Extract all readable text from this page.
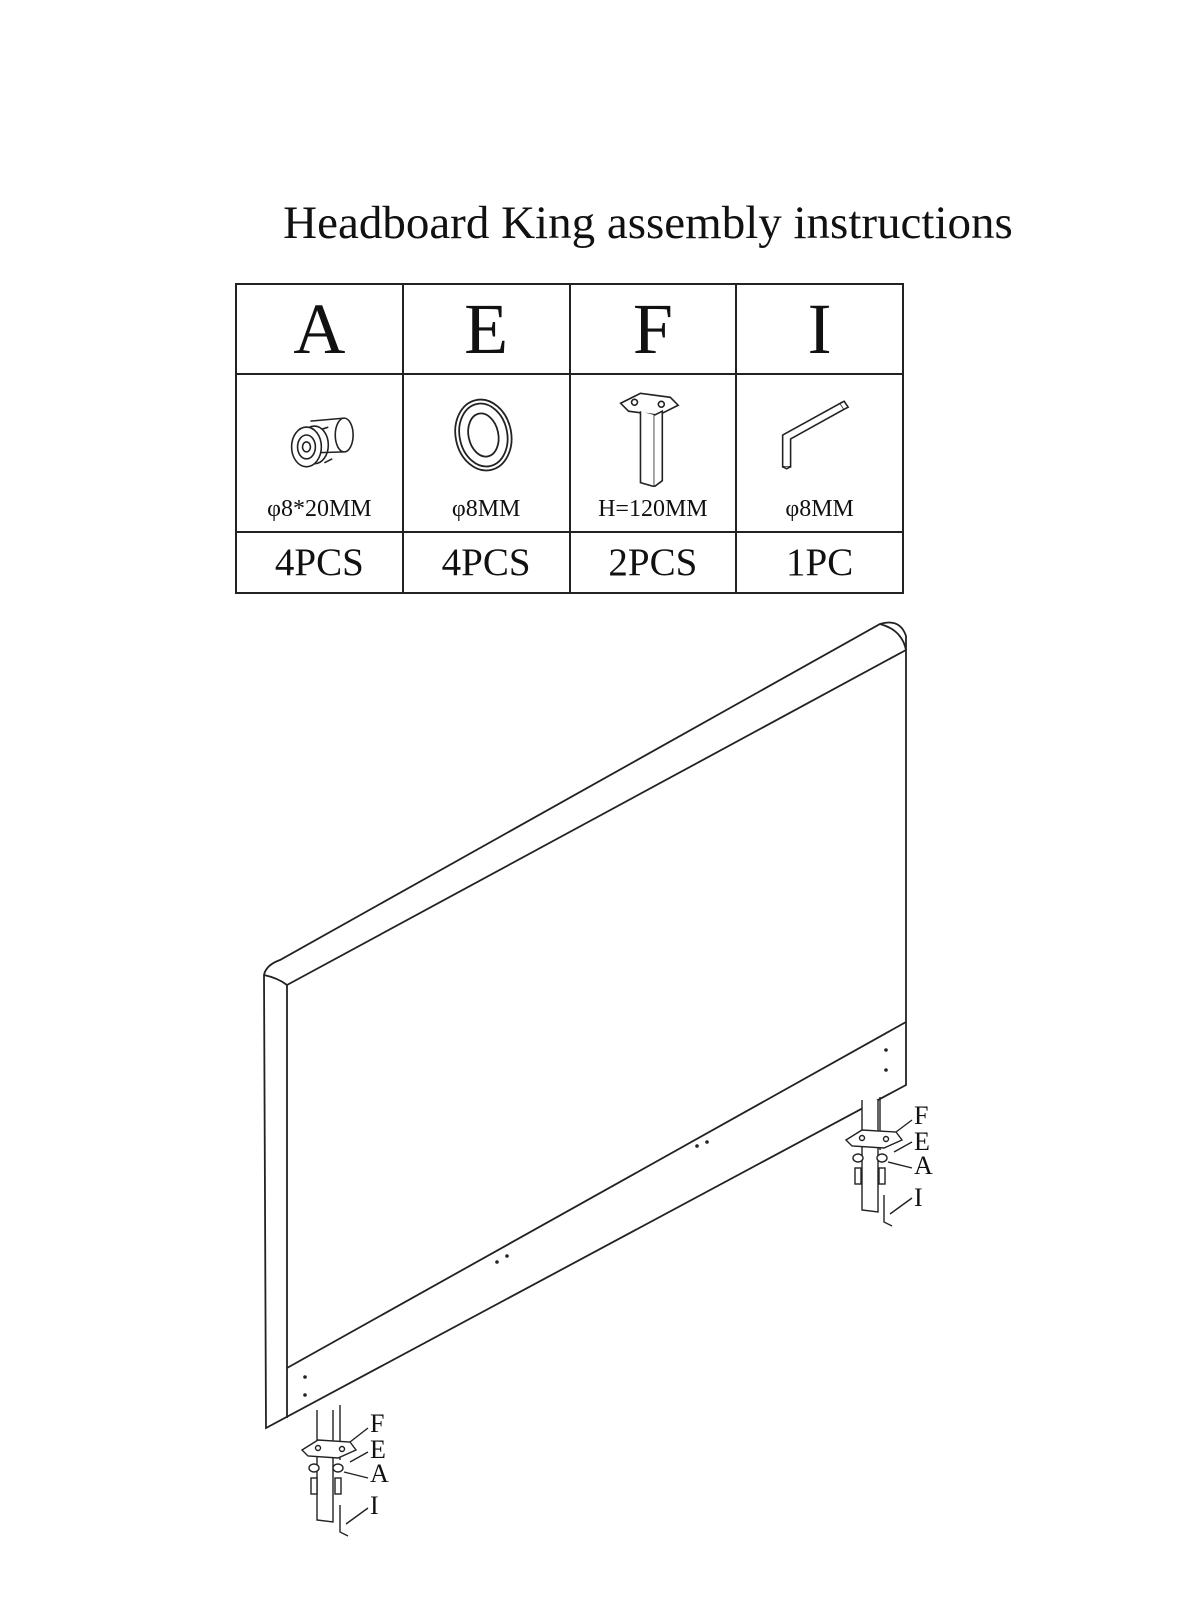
Headboard King assembly instructions
A	E	F	I

φ8*20MM	φ8MM	H=120MM	φ8MM

4PCS	4PCS	2PCS	1PC
F
E
A
I
F
E
A
I
